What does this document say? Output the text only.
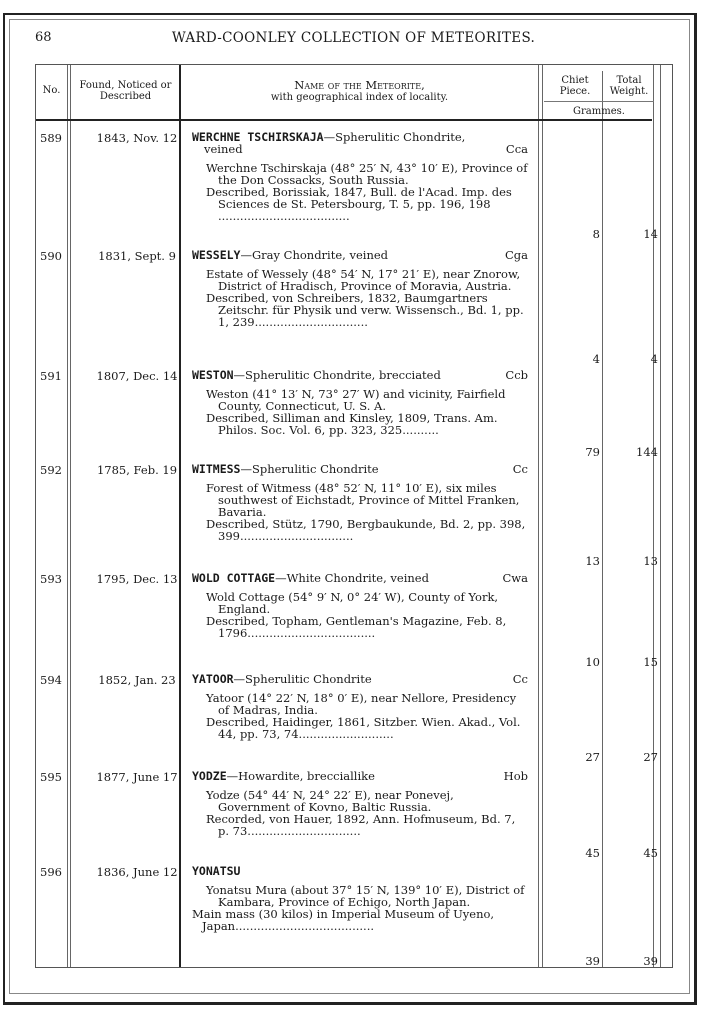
68	WARD-COONLEY COLLECTION OF METEORITES.
No.	Found, Noticed or Described
Name of the Meteorite,
with geographical index of locality.
Chiet Piece.
Total Weight.
Grammes.
589	1843, Nov. 12	WERCHNE TSCHIRSKAJA—Spherulitic Chondrite,
veined	Cca
Werchne Tschirskaja (48° 25′ N, 43° 10′ E), Province of the Don Cossacks, South Russia.
Described, Borissiak, 1847, Bull. de l'Acad. Imp. des Sciences de St. Petersbourg, T. 5, pp. 196, 198 ....................................
8	14
590	1831, Sept. 9	WESSELY—Gray Chondrite, veined	Cga
Estate of Wessely (48° 54′ N, 17° 21′ E), near Znorow, District of Hradisch, Province of Moravia, Austria.
Described, von Schreibers, 1832, Baumgartners Zeitschr. für Physik und verw. Wissensch., Bd. 1, pp. 1, 239...............................
4	4
591	1807, Dec. 14	WESTON—Spherulitic Chondrite, brecciated	Ccb
Weston (41° 13′ N, 73° 27′ W) and vicinity, Fairfield County, Connecticut, U. S. A.
Described, Silliman and Kinsley, 1809, Trans. Am. Philos. Soc. Vol. 6, pp. 323, 325..........
79	144
592	1785, Feb. 19	WITMESS—Spherulitic Chondrite	Cc
Forest of Witmess (48° 52′ N, 11° 10′ E), six miles southwest of Eichstadt, Province of Mittel Franken, Bavaria.
Described, Stütz, 1790, Bergbaukunde, Bd. 2, pp. 398, 399...............................
13	13
593	1795, Dec. 13	WOLD COTTAGE—White Chondrite, veined	Cwa
Wold Cottage (54° 9′ N, 0° 24′ W), County of York, England.
Described, Topham, Gentleman's Magazine, Feb. 8, 1796...................................
10	15
594	1852, Jan. 23	YATOOR—Spherulitic Chondrite	Cc
Yatoor (14° 22′ N, 18° 0′ E), near Nellore, Presidency of Madras, India.
Described, Haidinger, 1861, Sitzber. Wien. Akad., Vol. 44, pp. 73, 74..........................
27	27
595	1877, June 17	YODZE—Howardite, brecciallike	Hob
Yodze (54° 44′ N, 24° 22′ E), near Ponevej, Government of Kovno, Baltic Russia.
Recorded, von Hauer, 1892, Ann. Hofmuseum, Bd. 7, p. 73...............................
45	45
596	1836, June 12	YONATSU
Yonatsu Mura (about 37° 15′ N, 139° 10′ E), District of Kambara, Province of Echigo, North Japan.
Main mass (30 kilos) in Imperial Museum of Uyeno, Japan......................................
39	39
